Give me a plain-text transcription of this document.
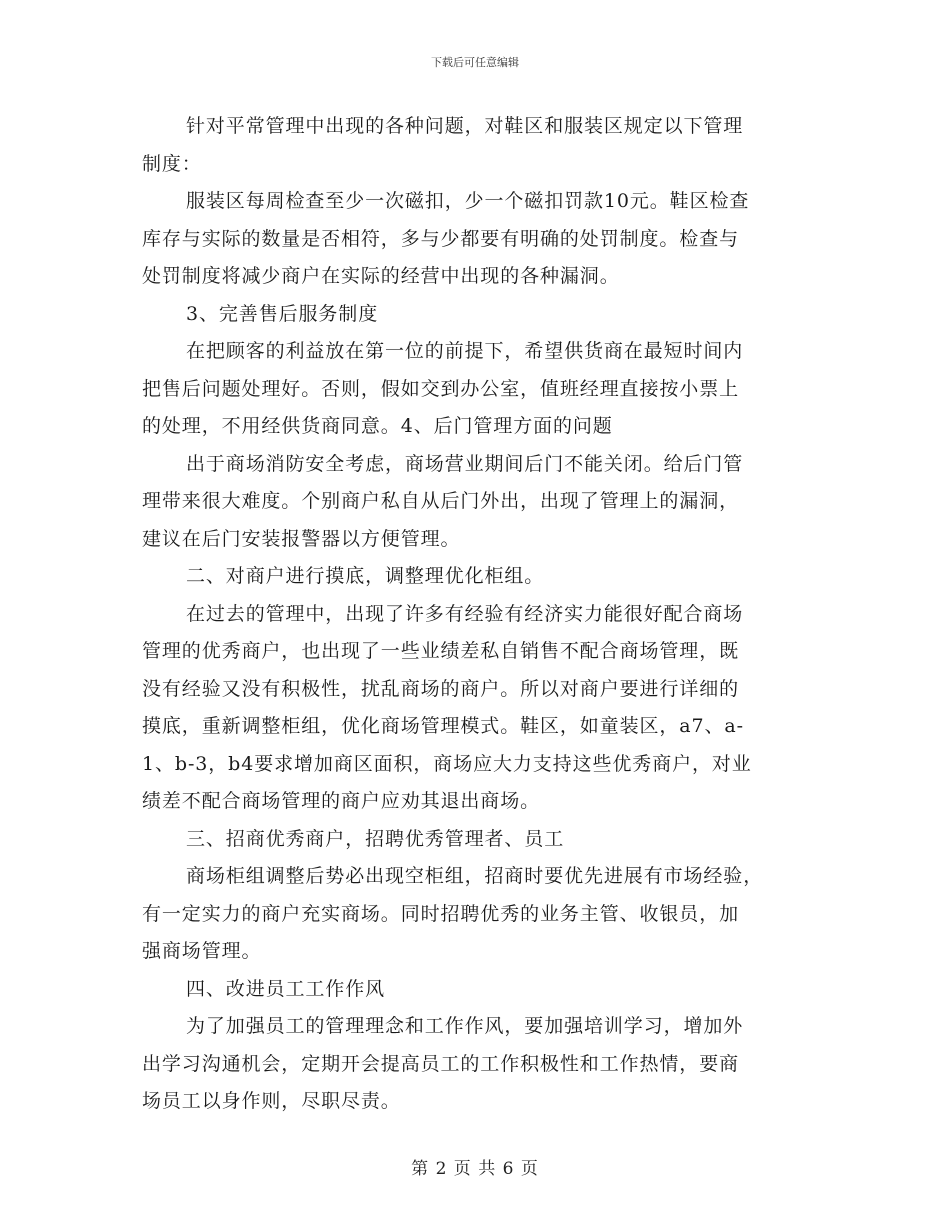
下载后可任意编辑
针对平常管理中出现的各种问题，对鞋区和服装区规定以下管理
制度：
服装区每周检查至少一次磁扣，少一个磁扣罚款10元。鞋区检查
库存与实际的数量是否相符，多与少都要有明确的处罚制度。检查与
处罚制度将减少商户在实际的经营中出现的各种漏洞。
3、完善售后服务制度
在把顾客的利益放在第一位的前提下，希望供货商在最短时间内
把售后问题处理好。否则，假如交到办公室，值班经理直接按小票上
的处理，不用经供货商同意。4、后门管理方面的问题
出于商场消防安全考虑，商场营业期间后门不能关闭。给后门管
理带来很大难度。个别商户私自从后门外出，出现了管理上的漏洞，
建议在后门安装报警器以方便管理。
二、对商户进行摸底，调整理优化柜组。
在过去的管理中，出现了许多有经验有经济实力能很好配合商场
管理的优秀商户，也出现了一些业绩差私自销售不配合商场管理，既
没有经验又没有积极性，扰乱商场的商户。所以对商户要进行详细的
摸底，重新调整柜组，优化商场管理模式。鞋区，如童装区，a7、a-
1、b-3，b4要求增加商区面积，商场应大力支持这些优秀商户，对业
绩差不配合商场管理的商户应劝其退出商场。
三、招商优秀商户，招聘优秀管理者、员工
商场柜组调整后势必出现空柜组，招商时要优先进展有市场经验，
有一定实力的商户充实商场。同时招聘优秀的业务主管、收银员，加
强商场管理。
四、改进员工工作作风
为了加强员工的管理理念和工作作风，要加强培训学习，增加外
出学习沟通机会，定期开会提高员工的工作积极性和工作热情，要商
场员工以身作则，尽职尽责。
第 2 页 共 6 页
